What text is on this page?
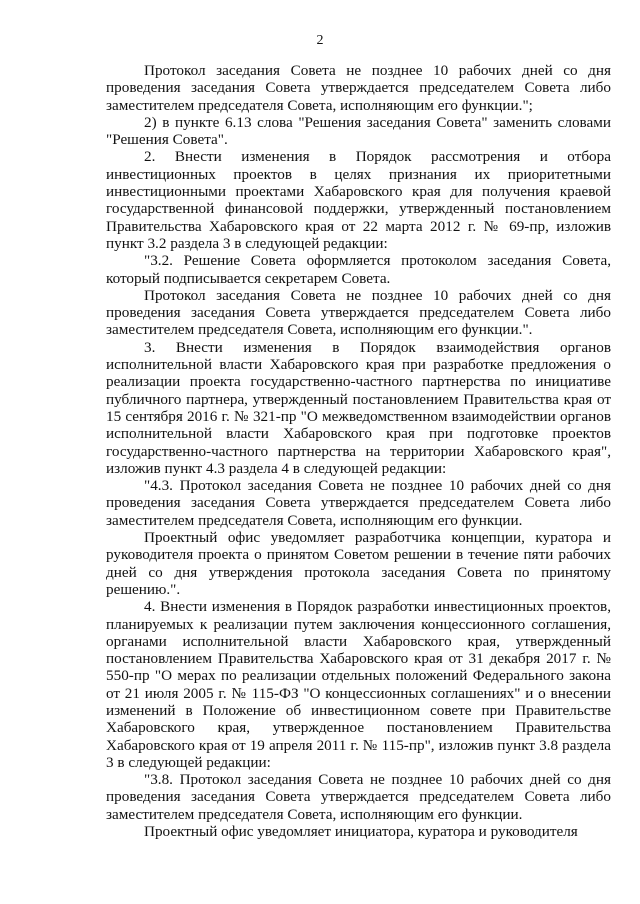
2

Протокол заседания Совета не позднее 10 рабочих дней со дня проведения заседания Совета утверждается председателем Совета либо заместителем председателя Совета, исполняющим его функции.";

2) в пункте 6.13 слова "Решения заседания Совета" заменить словами "Решения Совета".

2. Внести изменения в Порядок рассмотрения и отбора инвестиционных проектов в целях признания их приоритетными инвестиционными проектами Хабаровского края для получения краевой государственной финансовой поддержки, утвержденный постановлением Правительства Хабаровского края от 22 марта 2012 г. № 69-пр, изложив пункт 3.2 раздела 3 в следующей редакции:

"3.2. Решение Совета оформляется протоколом заседания Совета, который подписывается секретарем Совета.

Протокол заседания Совета не позднее 10 рабочих дней со дня проведения заседания Совета утверждается председателем Совета либо заместителем председателя Совета, исполняющим его функции.".

3. Внести изменения в Порядок взаимодействия органов исполнительной власти Хабаровского края при разработке предложения о реализации проекта государственно-частного партнерства по инициативе публичного партнера, утвержденный постановлением Правительства края от 15 сентября 2016 г. № 321-пр "О межведомственном взаимодействии органов исполнительной власти Хабаровского края при подготовке проектов государственно-частного партнерства на территории Хабаровского края", изложив пункт 4.3 раздела 4 в следующей редакции:

"4.3. Протокол заседания Совета не позднее 10 рабочих дней со дня проведения заседания Совета утверждается председателем Совета либо заместителем председателя Совета, исполняющим его функции.

Проектный офис уведомляет разработчика концепции, куратора и руководителя проекта о принятом Советом решении в течение пяти рабочих дней со дня утверждения протокола заседания Совета по принятому решению.".

4. Внести изменения в Порядок разработки инвестиционных проектов, планируемых к реализации путем заключения концессионного соглашения, органами исполнительной власти Хабаровского края, утвержденный постановлением Правительства Хабаровского края от 31 декабря 2017 г. № 550-пр "О мерах по реализации отдельных положений Федерального закона от 21 июля 2005 г. № 115-ФЗ "О концессионных соглашениях" и о внесении изменений в Положение об инвестиционном совете при Правительстве Хабаровского края, утвержденное постановлением Правительства Хабаровского края от 19 апреля 2011 г. № 115-пр", изложив пункт 3.8 раздела 3 в следующей редакции:

"3.8. Протокол заседания Совета не позднее 10 рабочих дней со дня проведения заседания Совета утверждается председателем Совета либо заместителем председателя Совета, исполняющим его функции.

Проектный офис уведомляет инициатора, куратора и руководителя
